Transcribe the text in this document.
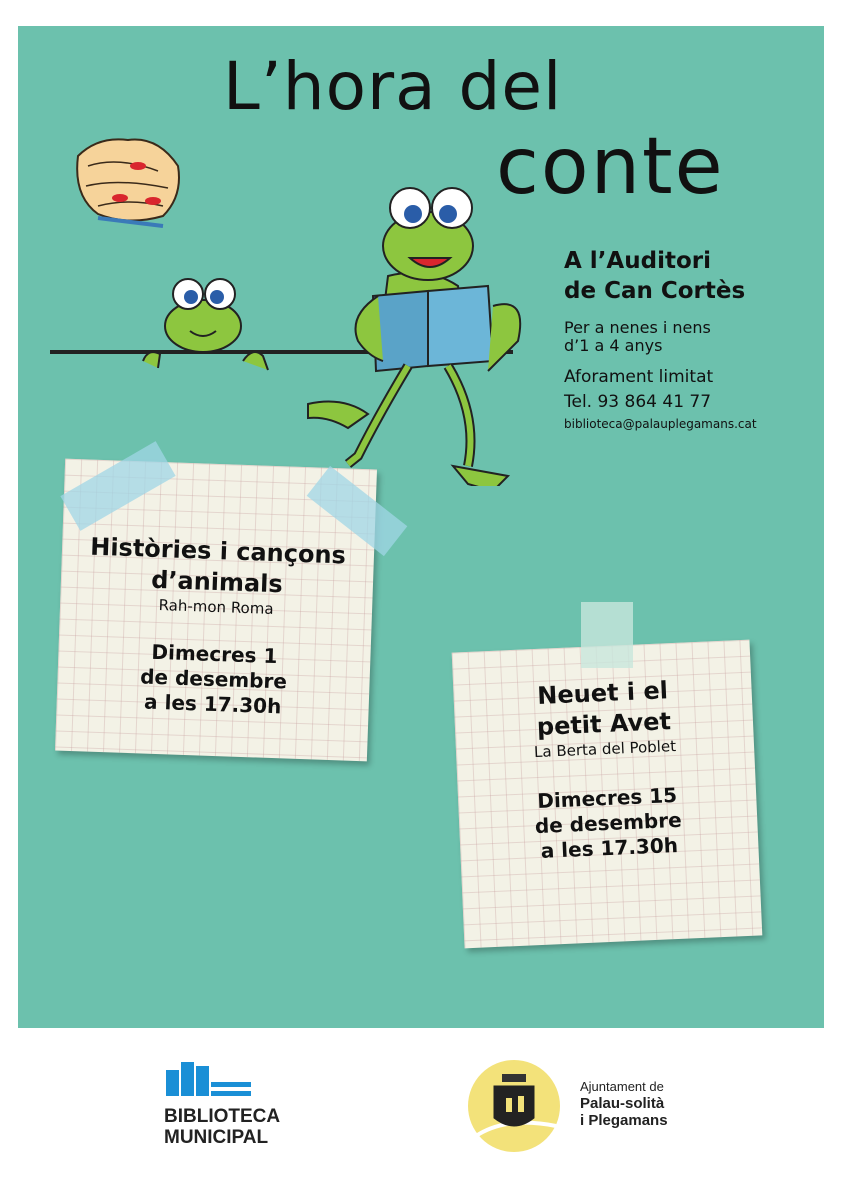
L’hora del
conte
A l’Auditori
de Can Cortès
Per a nenes i nens
d’1 a 4 anys
Aforament limitat
Tel. 93 864 41 77
biblioteca@palauplegamans.cat
Històries i cançons
d’animals
Rah-mon Roma
Dimecres 1
de desembre
a les 17.30h	Neuet i el
petit Avet
La Berta del Poblet
Dimecres 15
de desembre
a les 17.30h
BIBLIOTECA
MUNICIPAL
Ajuntament de
Palau-solità
i Plegamans
